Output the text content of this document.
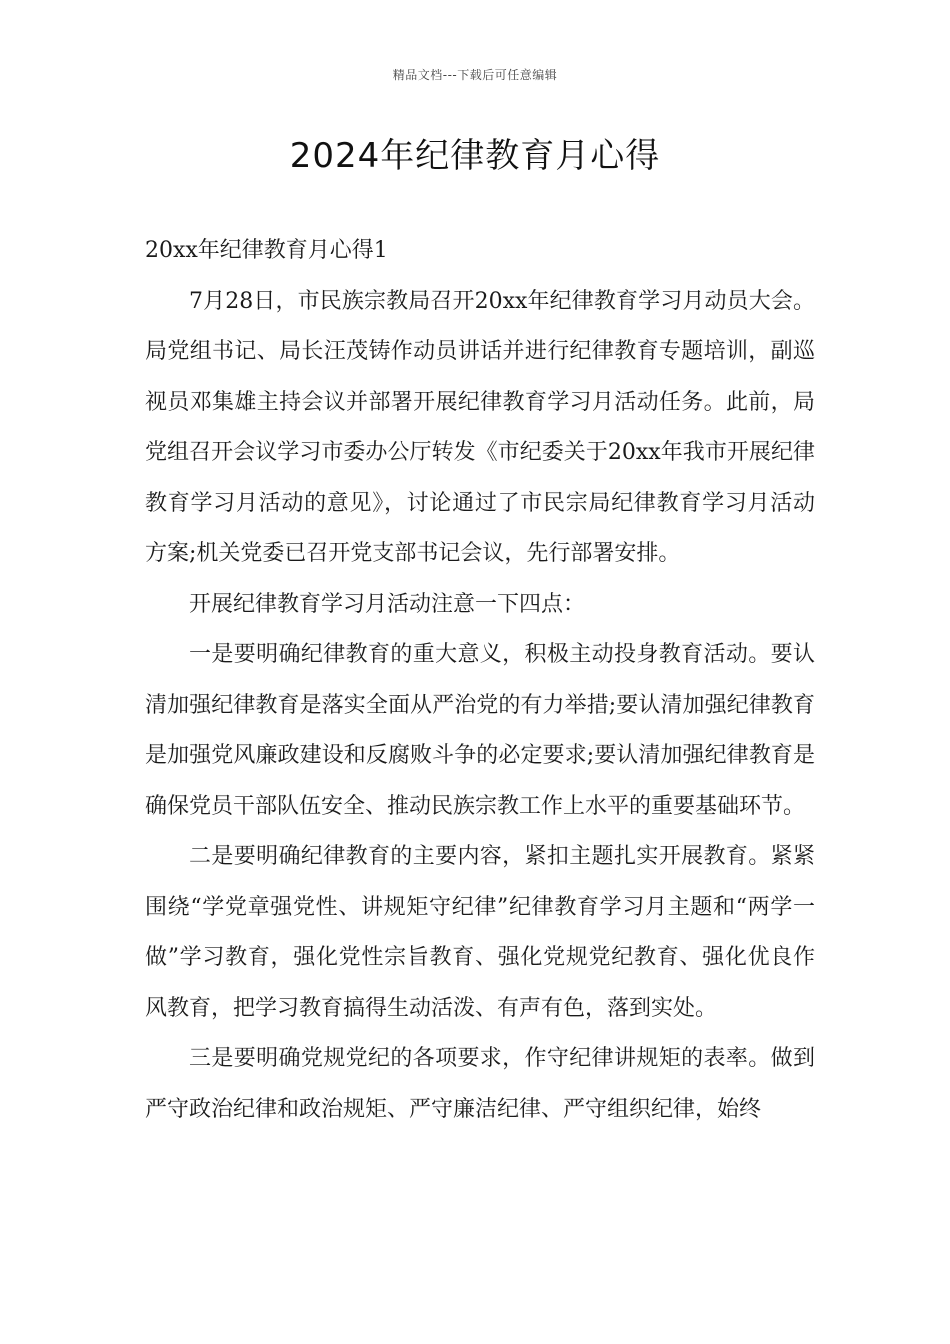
精品文档---下载后可任意编辑
2024年纪律教育月心得

20xx年纪律教育月心得1

7月28日，市民族宗教局召开20xx年纪律教育学习月动员大会。局党组书记、局长汪茂铸作动员讲话并进行纪律教育专题培训，副巡视员邓集雄主持会议并部署开展纪律教育学习月活动任务。此前，局党组召开会议学习市委办公厅转发《市纪委关于20xx年我市开展纪律教育学习月活动的意见》，讨论通过了市民宗局纪律教育学习月活动方案;机关党委已召开党支部书记会议，先行部署安排。

开展纪律教育学习月活动注意一下四点：

一是要明确纪律教育的重大意义，积极主动投身教育活动。要认清加强纪律教育是落实全面从严治党的有力举措;要认清加强纪律教育是加强党风廉政建设和反腐败斗争的必定要求;要认清加强纪律教育是确保党员干部队伍安全、推动民族宗教工作上水平的重要基础环节。

二是要明确纪律教育的主要内容，紧扣主题扎实开展教育。紧紧围绕“学党章强党性、讲规矩守纪律”纪律教育学习月主题和“两学一做”学习教育，强化党性宗旨教育、强化党规党纪教育、强化优良作风教育，把学习教育搞得生动活泼、有声有色，落到实处。

三是要明确党规党纪的各项要求，作守纪律讲规矩的表率。做到严守政治纪律和政治规矩、严守廉洁纪律、严守组织纪律，始终
